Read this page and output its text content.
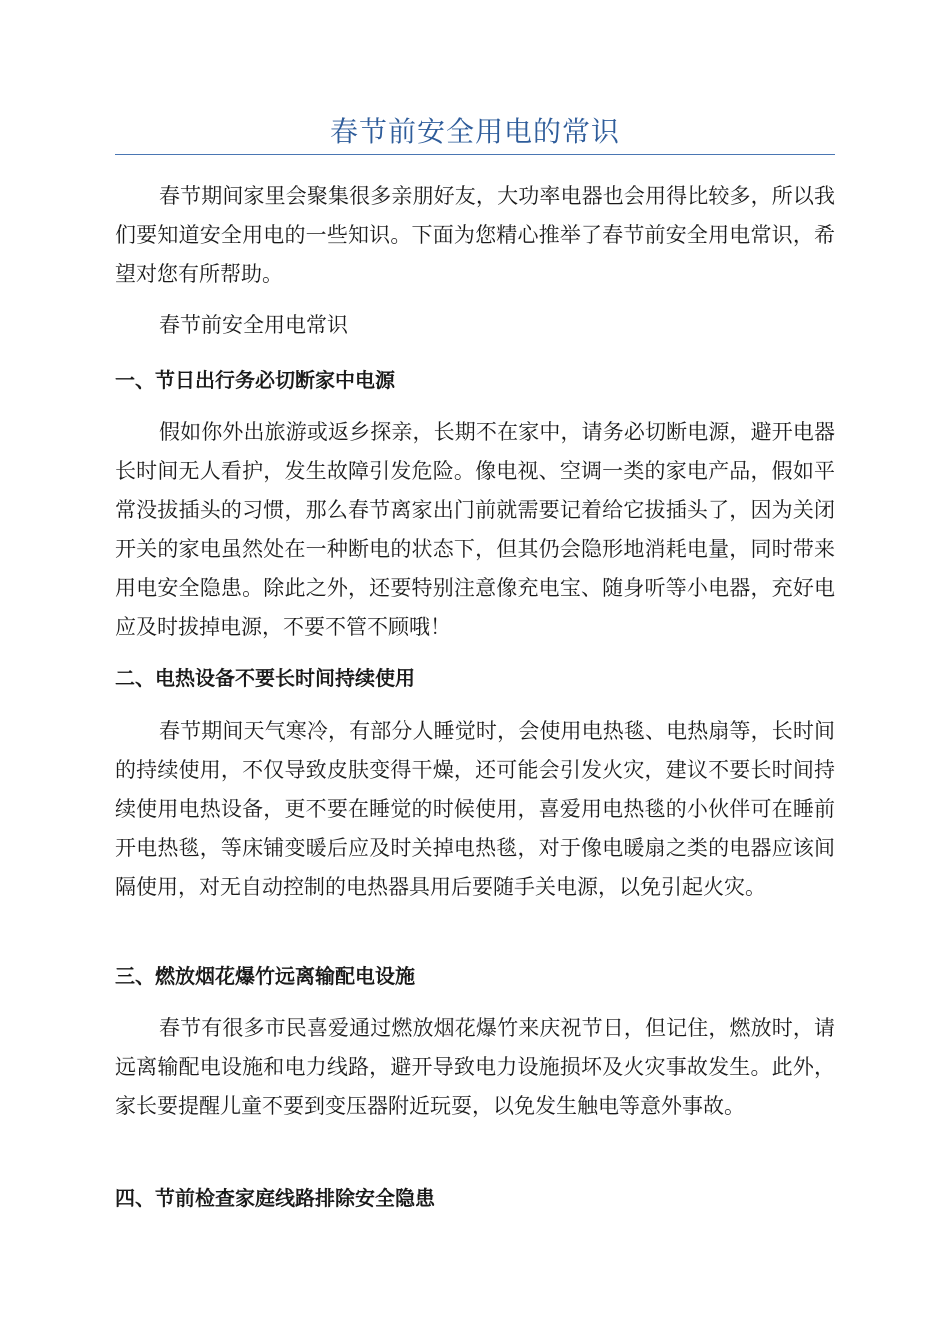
春节前安全用电的常识

春节期间家里会聚集很多亲朋好友，大功率电器也会用得比较多，所以我们要知道安全用电的一些知识。下面为您精心推举了春节前安全用电常识，希望对您有所帮助。

春节前安全用电常识

一、节日出行务必切断家中电源

假如你外出旅游或返乡探亲，长期不在家中，请务必切断电源，避开电器长时间无人看护，发生故障引发危险。像电视、空调一类的家电产品，假如平常没拔插头的习惯，那么春节离家出门前就需要记着给它拔插头了，因为关闭开关的家电虽然处在一种断电的状态下，但其仍会隐形地消耗电量，同时带来用电安全隐患。除此之外，还要特别注意像充电宝、随身听等小电器，充好电应及时拔掉电源，不要不管不顾哦！

二、电热设备不要长时间持续使用

春节期间天气寒冷，有部分人睡觉时，会使用电热毯、电热扇等，长时间的持续使用，不仅导致皮肤变得干燥，还可能会引发火灾，建议不要长时间持续使用电热设备，更不要在睡觉的时候使用，喜爱用电热毯的小伙伴可在睡前开电热毯，等床铺变暖后应及时关掉电热毯，对于像电暖扇之类的电器应该间隔使用，对无自动控制的电热器具用后要随手关电源，以免引起火灾。

三、燃放烟花爆竹远离输配电设施

春节有很多市民喜爱通过燃放烟花爆竹来庆祝节日，但记住，燃放时，请远离输配电设施和电力线路，避开导致电力设施损坏及火灾事故发生。此外，家长要提醒儿童不要到变压器附近玩耍，以免发生触电等意外事故。

四、节前检查家庭线路排除安全隐患
